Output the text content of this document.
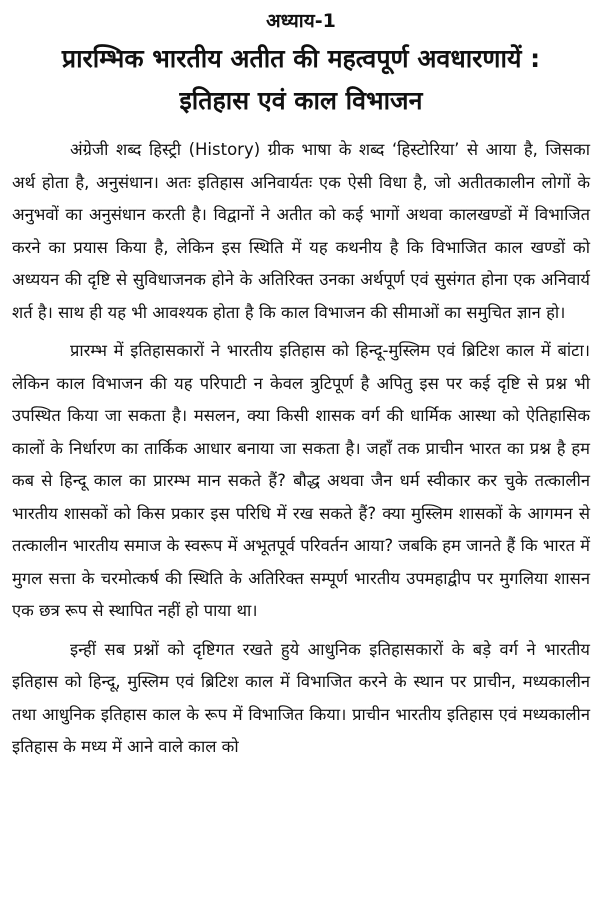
अध्याय-1
प्रारम्भिक भारतीय अतीत की महत्वपूर्ण अवधारणायें :
इतिहास एवं काल विभाजन

अंग्रेजी शब्द हिस्ट्री (History) ग्रीक भाषा के शब्द ‘हिस्टोरिया’ से आया है, जिसका अर्थ होता है, अनुसंधान। अतः इतिहास अनिवार्यतः एक ऐसी विधा है, जो अतीतकालीन लोगों के अनुभवों का अनुसंधान करती है। विद्वानों ने अतीत को कई भागों अथवा कालखण्डों में विभाजित करने का प्रयास किया है, लेकिन इस स्थिति में यह कथनीय है कि विभाजित काल खण्डों को अध्ययन की दृष्टि से सुविधाजनक होने के अतिरिक्त उनका अर्थपूर्ण एवं सुसंगत होना एक अनिवार्य शर्त है। साथ ही यह भी आवश्यक होता है कि काल विभाजन की सीमाओं का समुचित ज्ञान हो।

प्रारम्भ में इतिहासकारों ने भारतीय इतिहास को हिन्दू-मुस्लिम एवं ब्रिटिश काल में बांटा। लेकिन काल विभाजन की यह परिपाटी न केवल त्रुटिपूर्ण है अपितु इस पर कई दृष्टि से प्रश्न भी उपस्थित किया जा सकता है। मसलन, क्या किसी शासक वर्ग की धार्मिक आस्था को ऐतिहासिक कालों के निर्धारण का तार्किक आधार बनाया जा सकता है। जहाँ तक प्राचीन भारत का प्रश्न है हम कब से हिन्दू काल का प्रारम्भ मान सकते हैं? बौद्ध अथवा जैन धर्म स्वीकार कर चुके तत्कालीन भारतीय शासकों को किस प्रकार इस परिधि में रख सकते हैं? क्या मुस्लिम शासकों के आगमन से तत्कालीन भारतीय समाज के स्वरूप में अभूतपूर्व परिवर्तन आया? जबकि हम जानते हैं कि भारत में मुगल सत्ता के चरमोत्कर्ष की स्थिति के अतिरिक्त सम्पूर्ण भारतीय उपमहाद्वीप पर मुगलिया शासन एक छत्र रूप से स्थापित नहीं हो पाया था।

इन्हीं सब प्रश्नों को दृष्टिगत रखते हुये आधुनिक इतिहासकारों के बड़े वर्ग ने भारतीय इतिहास को हिन्दू, मुस्लिम एवं ब्रिटिश काल में विभाजित करने के स्थान पर प्राचीन, मध्यकालीन तथा आधुनिक इतिहास काल के रूप में विभाजित किया। प्राचीन भारतीय इतिहास एवं मध्यकालीन इतिहास के मध्य में आने वाले काल को
